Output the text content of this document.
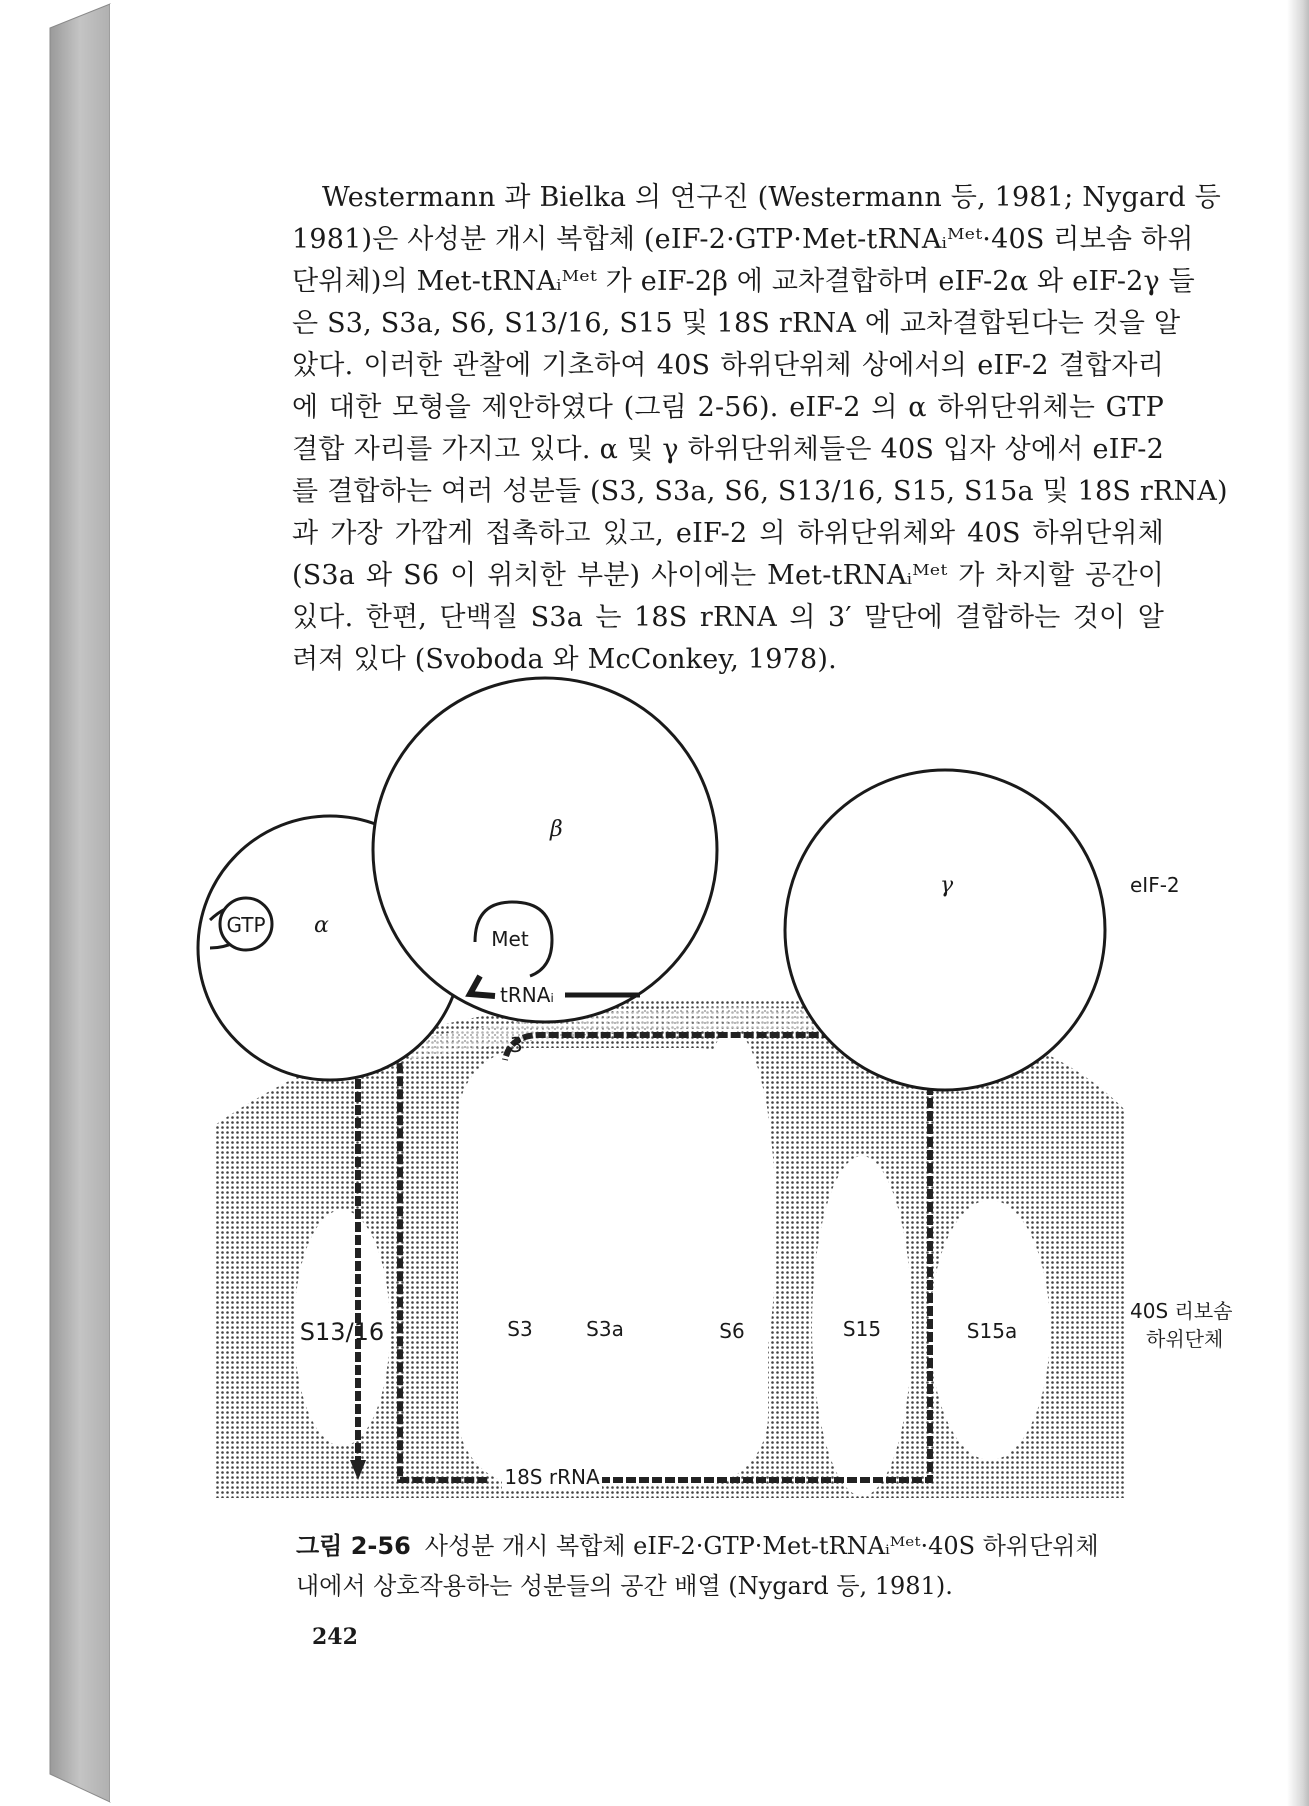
Westermann 과 Bielka 의 연구진 (Westermann 등, 1981; Nygard 등
1981)은 사성분 개시 복합체 (eIF-2·GTP·Met-tRNAᵢᴹᵉᵗ·40S 리보솜 하위
단위체)의 Met-tRNAᵢᴹᵉᵗ 가 eIF-2β 에 교차결합하며 eIF-2α 와 eIF-2γ 들
은 S3, S3a, S6, S13/16, S15 및 18S rRNA 에 교차결합된다는 것을 알
았다. 이러한 관찰에 기초하여 40S 하위단위체 상에서의 eIF-2 결합자리
에 대한 모형을 제안하였다 (그림 2-56). eIF-2 의 α 하위단위체는 GTP
결합 자리를 가지고 있다. α 및 γ 하위단위체들은 40S 입자 상에서 eIF-2
를 결합하는 여러 성분들 (S3, S3a, S6, S13/16, S15, S15a 및 18S rRNA)
과 가장 가깝게 접촉하고 있고, eIF-2 의 하위단위체와 40S 하위단위체
(S3a 와 S6 이 위치한 부분) 사이에는 Met-tRNAᵢᴹᵉᵗ 가 차지할 공간이
있다. 한편, 단백질 S3a 는 18S rRNA 의 3′ 말단에 결합하는 것이 알
려져 있다 (Svoboda 와 McConkey, 1978).

GTP α
β
γ	eIF-2
Met
tRNAᵢ
3′
S13/16	S3	S3a	S6	S15	S15a
18S rRNA
40S 리보솜
하위단체

그림 2-56 사성분 개시 복합체 eIF-2·GTP·Met-tRNAᵢᴹᵉᵗ·40S 하위단위체
내에서 상호작용하는 성분들의 공간 배열 (Nygard 등, 1981).

242
